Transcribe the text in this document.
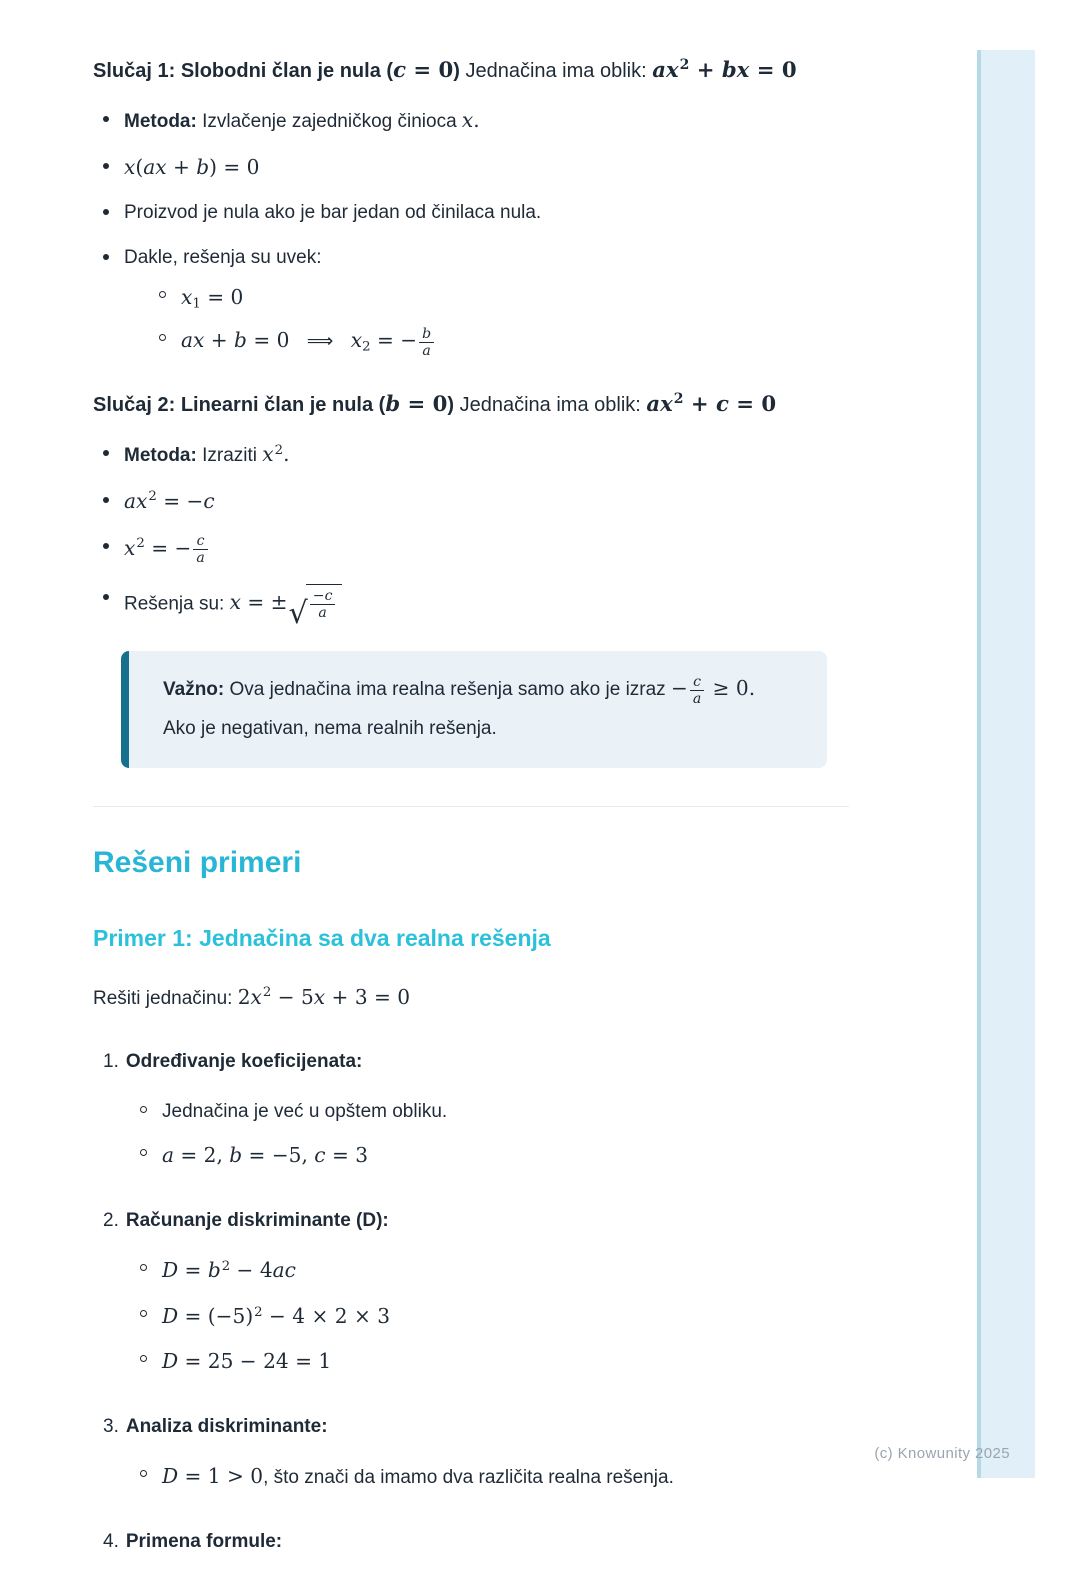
Slučaj 1: Slobodni član je nula (c = 0) Jednačina ima oblik: $ax^2$ + bx = 0
Metoda: Izvlačenje zajedničkog činioca x.
x(ax + b) = 0
Proizvod je nula ako je bar jedan od činilaca nula.
Dakle, rešenja su uvek:
$x_1 = 0$
ax + b = 0 ⟹ $x_2$ = − $\frac{b}{a}$
Slučaj 2: Linearni član je nula (b = 0) Jednačina ima oblik: $ax^2 + c = 0$
Metoda: Izraziti $x^2$.
$ax^2 = -c$
$x^2$ = − $\frac{c}{a}$
Rešenja su: x = ±√ $\frac{-c}{a}$
Važno: Ova jednačina ima realna rešenja samo ako je izraz − $\frac{c}{a} \ge 0$.
Ako je negativan, nema realnih rešenja.
Rešeni primeri
Primer 1: Jednačina sa dva realna rešenja
Rešiti jednačinu: $2x^2 - 5x + 3 = 0$
1. Određivanje koeficijenata:
Jednačina je već u opštem obliku.
a = 2, b = −5, c = 3
2. Računanje diskriminante (D):
$D = b^2 - 4ac$
$D = (-5)^2 - 4 \times 2 \times 3$
D = 25 − 24 = 1
3. Analiza diskriminante:
D = 1 > 0, što znači da imamo dva različita realna rešenja.
4. Primena formule:
(c) Knowunity 2025
